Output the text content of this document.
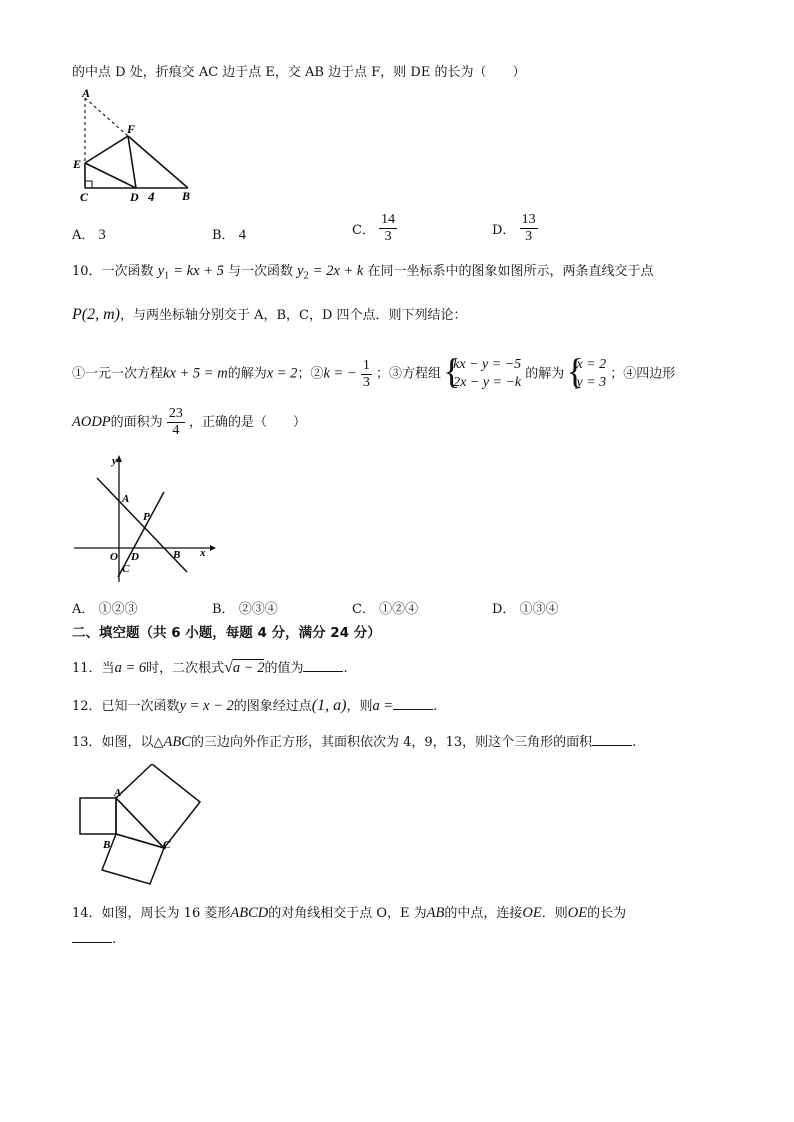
的中点 D 处，折痕交 AC 边于点 E，交 AB 边于点 F，则 DE 的长为（　　）
A
F
E
C	D 4 B
A． 3	B． 4	C． $\frac{14}{3}$	D． $\frac{13}{3}$
10．一次函数 $y_1$ = kx + 5 与一次函数 $y_2 = 2x + k$ 在同一坐标系中的图象如图所示，两条直线交于点
P(2, m)，与两坐标轴分别交于 A，B，C，D 四个点．则下列结论：
①一元一次方程kx + 5 = m的解为x = 2；②k = − $\frac{1}{3}$ ；③方程组 {
kx − y = −5
2x − y = −k
的解为 {
x = 2
y = 3
；④四边形
AODP的面积为 $\frac{23}{4}$ ，正确的是（　　）
y
x
A
P
O D	B
C
A． ①②③	B． ②③④	C． ①②④	D． ①③④
二、填空题（共 6 小题，每题 4 分，满分 24 分）
11．当a = 6时，二次根式√a − 2的值为	.
12．已知一次函数y = x − 2的图象经过点(1, a)，则a =	.
13．如图，以△ABC的三边向外作正方形，其面积依次为 4，9，13，则这个三角形的面积	.
A
B	C
14．如图，周长为 16 菱形ABCD的对角线相交于点 O，E 为AB的中点，连接OE．则OE的长为
.
